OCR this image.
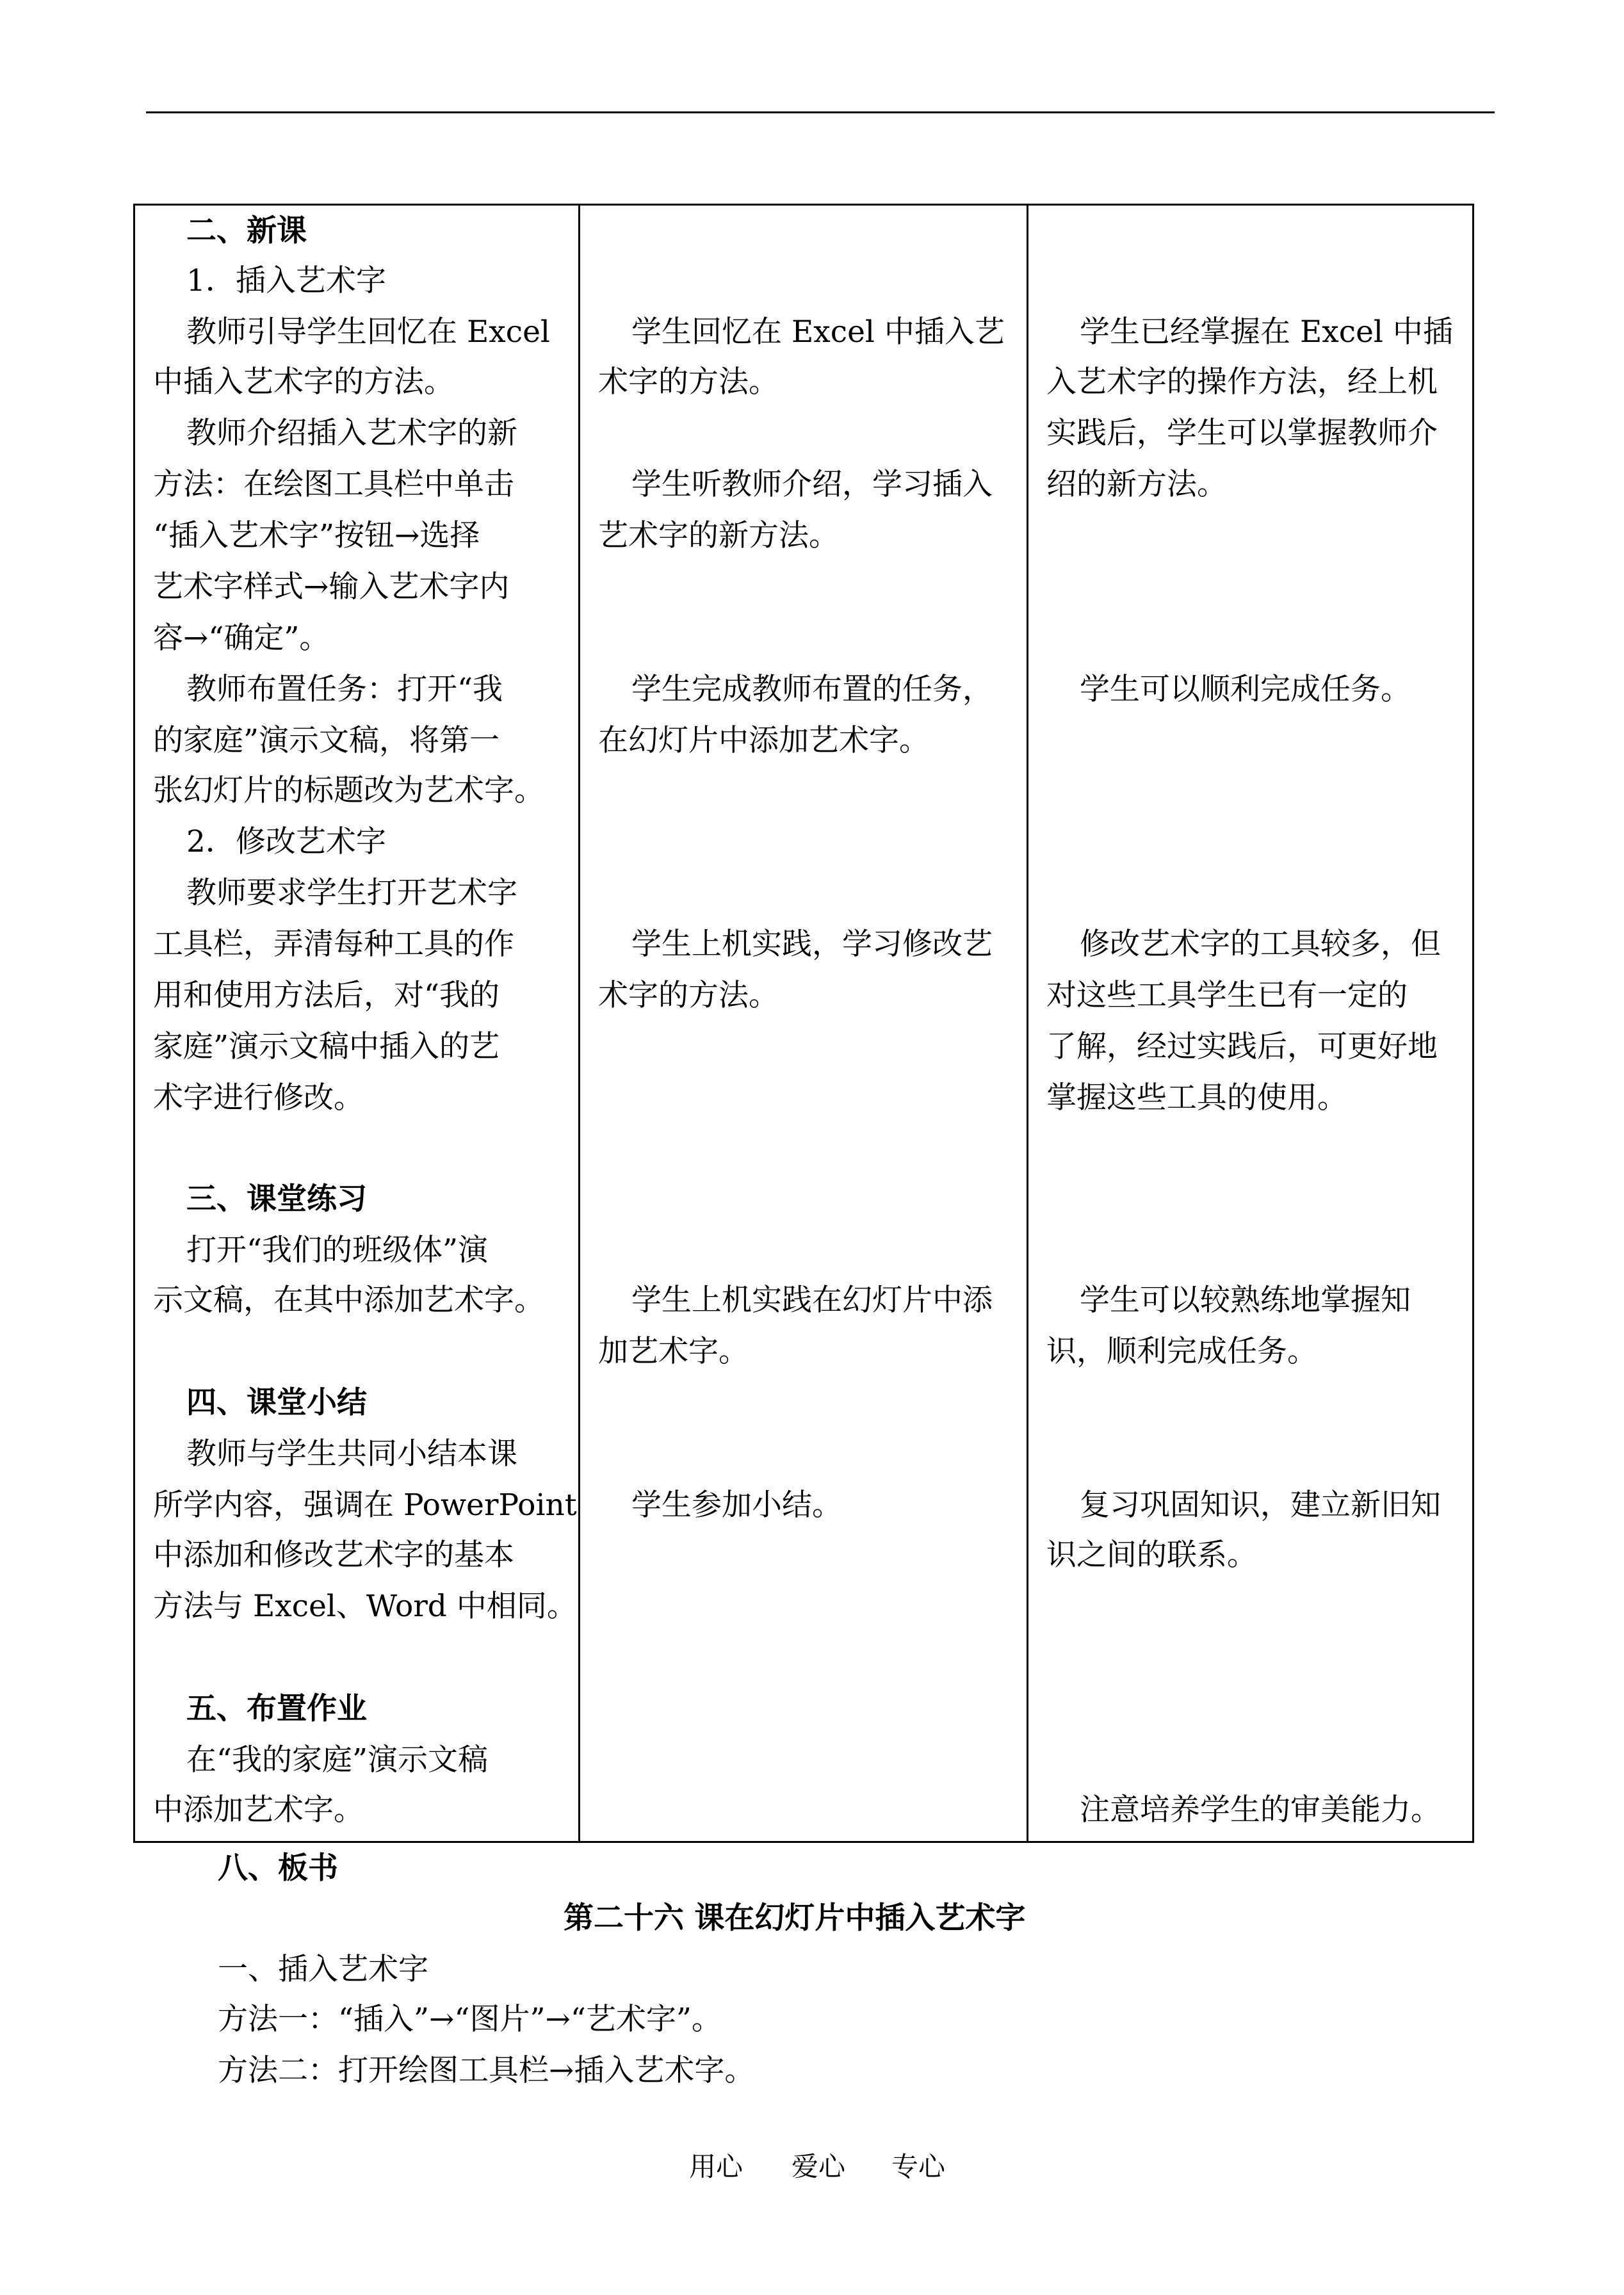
二、新课
1．插入艺术字
教师引导学生回忆在 Excel
中插入艺术字的方法。
教师介绍插入艺术字的新
方法：在绘图工具栏中单击
“插入艺术字”按钮→选择
艺术字样式→输入艺术字内
容→“确定”。
教师布置任务：打开“我
的家庭”演示文稿，将第一
张幻灯片的标题改为艺术字。
2．修改艺术字
教师要求学生打开艺术字
工具栏，弄清每种工具的作
用和使用方法后，对“我的
家庭”演示文稿中插入的艺
术字进行修改。
三、课堂练习
打开“我们的班级体”演
示文稿，在其中添加艺术字。
四、课堂小结
教师与学生共同小结本课
所学内容，强调在 PowerPoint
中添加和修改艺术字的基本
方法与 Excel、Word 中相同。
五、布置作业
在“我的家庭”演示文稿
中添加艺术字。
学生回忆在 Excel 中插入艺
术字的方法。
学生听教师介绍，学习插入
艺术字的新方法。
学生完成教师布置的任务，
在幻灯片中添加艺术字。
学生上机实践，学习修改艺
术字的方法。
学生上机实践在幻灯片中添
加艺术字。
学生参加小结。
学生已经掌握在 Excel 中插
入艺术字的操作方法，经上机
实践后，学生可以掌握教师介
绍的新方法。
学生可以顺利完成任务。
修改艺术字的工具较多，但
对这些工具学生已有一定的
了解，经过实践后，可更好地
掌握这些工具的使用。
学生可以较熟练地掌握知
识，顺利完成任务。
复习巩固知识，建立新旧知
识之间的联系。
注意培养学生的审美能力。
八、板书
第二十六 课在幻灯片中插入艺术字
一、插入艺术字
方法一：“插入”→“图片”→“艺术字”。
方法二：打开绘图工具栏→插入艺术字。
用心 爱心 专心
